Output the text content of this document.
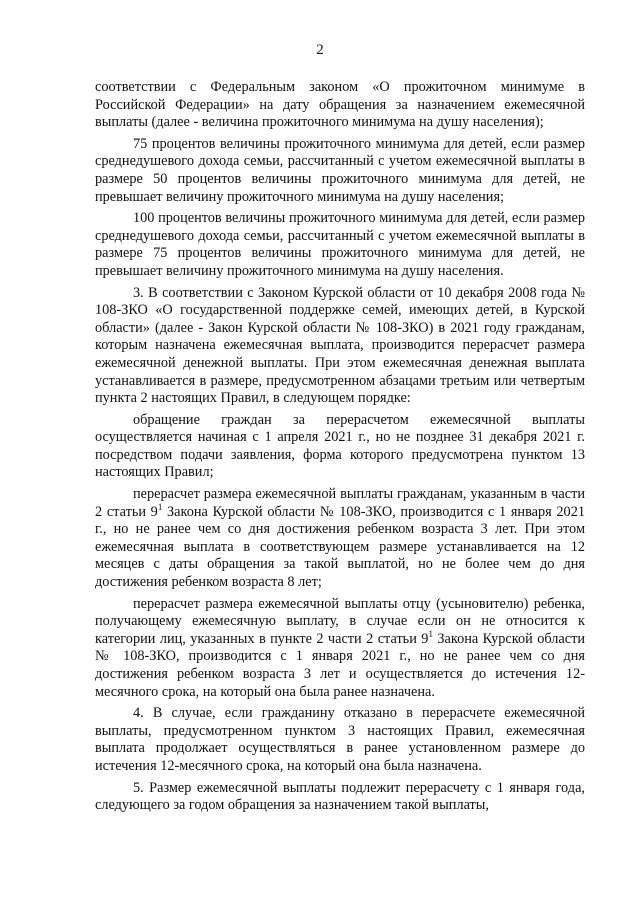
2

соответствии с Федеральным законом «О прожиточном минимуме в Российской Федерации» на дату обращения за назначением ежемесячной выплаты (далее - величина прожиточного минимума на душу населения);

75 процентов величины прожиточного минимума для детей, если размер среднедушевого дохода семьи, рассчитанный с учетом ежемесячной выплаты в размере 50 процентов величины прожиточного минимума для детей, не превышает величину прожиточного минимума на душу населения;

100 процентов величины прожиточного минимума для детей, если размер среднедушевого дохода семьи, рассчитанный с учетом ежемесячной выплаты в размере 75 процентов величины прожиточного минимума для детей, не превышает величину прожиточного минимума на душу населения.

3. В соответствии с Законом Курской области от 10 декабря 2008 года № 108-ЗКО «О государственной поддержке семей, имеющих детей, в Курской области» (далее - Закон Курской области № 108-ЗКО) в 2021 году гражданам, которым назначена ежемесячная выплата, производится перерасчет размера ежемесячной денежной выплаты. При этом ежемесячная денежная выплата устанавливается в размере, предусмотренном абзацами третьим или четвертым пункта 2 настоящих Правил, в следующем порядке:

обращение граждан за перерасчетом ежемесячной выплаты осуществляется начиная с 1 апреля 2021 г., но не позднее 31 декабря 2021 г. посредством подачи заявления, форма которого предусмотрена пунктом 13 настоящих Правил;

перерасчет размера ежемесячной выплаты гражданам, указанным в части 2 статьи $9^1$ Закона Курской области № 108-ЗКО, производится с 1 января 2021 г., но не ранее чем со дня достижения ребенком возраста 3 лет. При этом ежемесячная выплата в соответствующем размере устанавливается на 12 месяцев с даты обращения за такой выплатой, но не более чем до дня достижения ребенком возраста 8 лет;

перерасчет размера ежемесячной выплаты отцу (усыновителю) ребенка, получающему ежемесячную выплату, в случае если он не относится к категории лиц, указанных в пункте 2 части 2 статьи $9^1$ Закона Курской области № 108-ЗКО, производится с 1 января 2021 г., но не ранее чем со дня достижения ребенком возраста 3 лет и осуществляется до истечения 12-месячного срока, на который она была ранее назначена.

4. В случае, если гражданину отказано в перерасчете ежемесячной выплаты, предусмотренном пунктом 3 настоящих Правил, ежемесячная выплата продолжает осуществляться в ранее установленном размере до истечения 12-месячного срока, на который она была назначена.

5. Размер ежемесячной выплаты подлежит перерасчету с 1 января года, следующего за годом обращения за назначением такой выплаты,
